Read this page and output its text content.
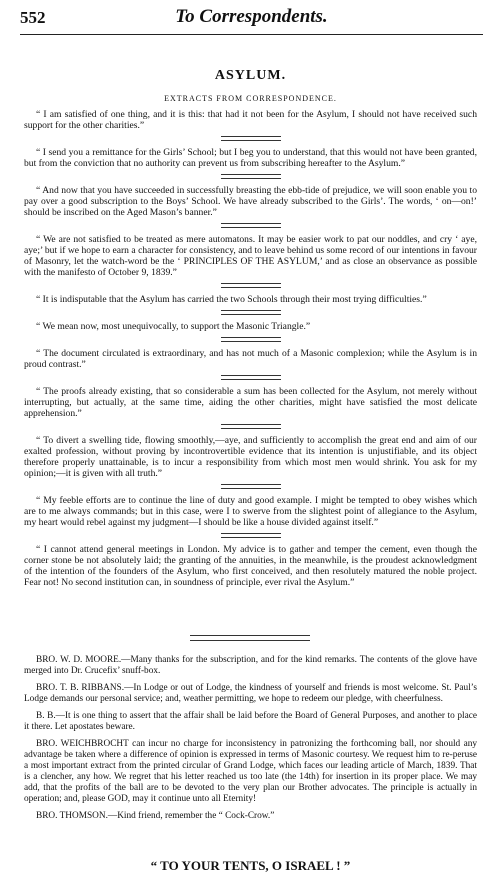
552	To Correspondents.
ASYLUM.
EXTRACTS FROM CORRESPONDENCE.

“ I am satisfied of one thing, and it is this: that had it not been for the Asylum, I should not have received such support for the other charities.”

“ I send you a remittance for the Girls’ School; but I beg you to understand, that this would not have been granted, but from the conviction that no authority can prevent us from subscribing hereafter to the Asylum.”

“ And now that you have succeeded in successfully breasting the ebb-tide of prejudice, we will soon enable you to pay over a good subscription to the Boys’ School. We have already subscribed to the Girls’. The words, ‘ on—on!’ should be inscribed on the Aged Mason’s banner.”

“ We are not satisfied to be treated as mere automatons. It may be easier work to pat our noddles, and cry ‘ aye, aye;’ but if we hope to earn a character for consistency, and to leave behind us some record of our intentions in favour of Masonry, let the watch-word be the ‘ PRINCIPLES OF THE ASYLUM,’ and as close an observance as possible with the manifesto of October 9, 1839.”

“ It is indisputable that the Asylum has carried the two Schools through their most trying difficulties.”

“ We mean now, most unequivocally, to support the Masonic Triangle.”

“ The document circulated is extraordinary, and has not much of a Masonic complexion; while the Asylum is in proud contrast.”

“ The proofs already existing, that so considerable a sum has been collected for the Asylum, not merely without interrupting, but actually, at the same time, aiding the other charities, might have satisfied the most delicate apprehension.”

“ To divert a swelling tide, flowing smoothly,—aye, and sufficiently to accomplish the great end and aim of our exalted profession, without proving by incontrovertible evidence that its intention is unjustifiable, and its object therefore properly unattainable, is to incur a responsibility from which most men would shrink. You ask for my opinion;—it is given with all truth.”

“ My feeble efforts are to continue the line of duty and good example. I might be tempted to obey wishes which are to me always commands; but in this case, were I to swerve from the slightest point of allegiance to the Asylum, my heart would rebel against my judgment—I should be like a house divided against itself.”

“ I cannot attend general meetings in London. My advice is to gather and temper the cement, even though the corner stone be not absolutely laid; the granting of the annuities, in the meanwhile, is the proudest acknowledgment of the intention of the founders of the Asylum, who first conceived, and then resolutely matured the noble project. Fear not! No second institution can, in soundness of principle, ever rival the Asylum.”

BRO. W. D. MOORE.—Many thanks for the subscription, and for the kind remarks. The contents of the glove have merged into Dr. Crucefix’ snuff-box.

BRO. T. B. RIBBANS.—In Lodge or out of Lodge, the kindness of yourself and friends is most welcome. St. Paul’s Lodge demands our personal service; and, weather permitting, we hope to redeem our pledge, with cheerfulness.

B. B.—It is one thing to assert that the affair shall be laid before the Board of General Purposes, and another to place it there. Let apostates beware.

BRO. WEICHBROCHT can incur no charge for inconsistency in patronizing the forthcoming ball, nor should any advantage be taken where a difference of opinion is expressed in terms of Masonic courtesy. We request him to re-peruse a most important extract from the printed circular of Grand Lodge, which faces our leading article of March, 1839. That is a clencher, any how. We regret that his letter reached us too late (the 14th) for insertion in its proper place. We may add, that the profits of the ball are to be devoted to the very plan our Brother advocates. The principle is actually in operation; and, please GOD, may it continue unto all Eternity!

BRO. THOMSON.—Kind friend, remember the “ Cock-Crow.”

“ TO YOUR TENTS, O ISRAEL ! ”
